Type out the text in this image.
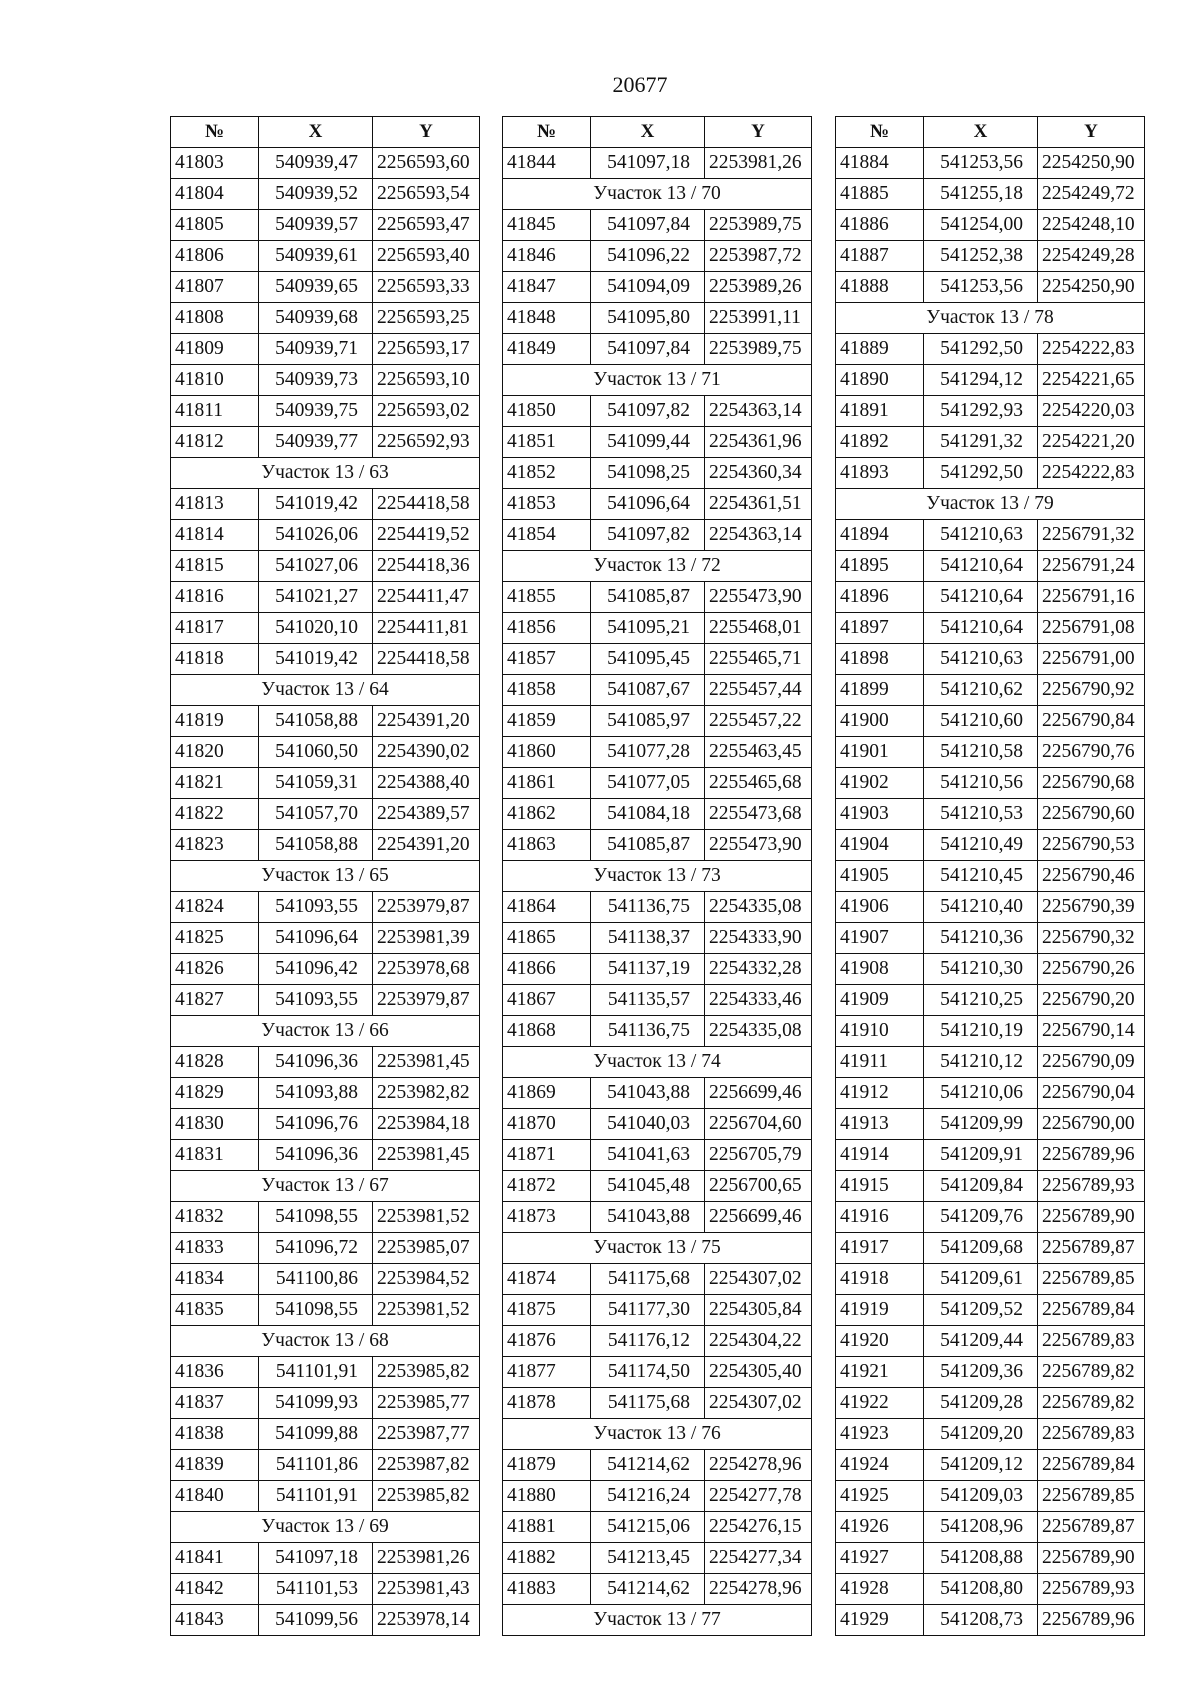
20677
№	X	Y
41803	540939,47	2256593,60
41804	540939,52	2256593,54
41805	540939,57	2256593,47
41806	540939,61	2256593,40
41807	540939,65	2256593,33
41808	540939,68	2256593,25
41809	540939,71	2256593,17
41810	540939,73	2256593,10
41811	540939,75	2256593,02
41812	540939,77	2256592,93
Участок 13 / 63		
41813	541019,42	2254418,58
41814	541026,06	2254419,52
41815	541027,06	2254418,36
41816	541021,27	2254411,47
41817	541020,10	2254411,81
41818	541019,42	2254418,58
Участок 13 / 64		
41819	541058,88	2254391,20
41820	541060,50	2254390,02
41821	541059,31	2254388,40
41822	541057,70	2254389,57
41823	541058,88	2254391,20
Участок 13 / 65		
41824	541093,55	2253979,87
41825	541096,64	2253981,39
41826	541096,42	2253978,68
41827	541093,55	2253979,87
Участок 13 / 66		
41828	541096,36	2253981,45
41829	541093,88	2253982,82
41830	541096,76	2253984,18
41831	541096,36	2253981,45
Участок 13 / 67		
41832	541098,55	2253981,52
41833	541096,72	2253985,07
41834	541100,86	2253984,52
41835	541098,55	2253981,52
Участок 13 / 68		
41836	541101,91	2253985,82
41837	541099,93	2253985,77
41838	541099,88	2253987,77
41839	541101,86	2253987,82
41840	541101,91	2253985,82
Участок 13 / 69		
41841	541097,18	2253981,26
41842	541101,53	2253981,43
41843	541099,56	2253978,14
№	X	Y
41844	541097,18	2253981,26
Участок 13 / 70		
41845	541097,84	2253989,75
41846	541096,22	2253987,72
41847	541094,09	2253989,26
41848	541095,80	2253991,11
41849	541097,84	2253989,75
Участок 13 / 71		
41850	541097,82	2254363,14
41851	541099,44	2254361,96
41852	541098,25	2254360,34
41853	541096,64	2254361,51
41854	541097,82	2254363,14
Участок 13 / 72		
41855	541085,87	2255473,90
41856	541095,21	2255468,01
41857	541095,45	2255465,71
41858	541087,67	2255457,44
41859	541085,97	2255457,22
41860	541077,28	2255463,45
41861	541077,05	2255465,68
41862	541084,18	2255473,68
41863	541085,87	2255473,90
Участок 13 / 73		
41864	541136,75	2254335,08
41865	541138,37	2254333,90
41866	541137,19	2254332,28
41867	541135,57	2254333,46
41868	541136,75	2254335,08
Участок 13 / 74		
41869	541043,88	2256699,46
41870	541040,03	2256704,60
41871	541041,63	2256705,79
41872	541045,48	2256700,65
41873	541043,88	2256699,46
Участок 13 / 75		
41874	541175,68	2254307,02
41875	541177,30	2254305,84
41876	541176,12	2254304,22
41877	541174,50	2254305,40
41878	541175,68	2254307,02
Участок 13 / 76		
41879	541214,62	2254278,96
41880	541216,24	2254277,78
41881	541215,06	2254276,15
41882	541213,45	2254277,34
41883	541214,62	2254278,96
Участок 13 / 77		
№	X	Y
41884	541253,56	2254250,90
41885	541255,18	2254249,72
41886	541254,00	2254248,10
41887	541252,38	2254249,28
41888	541253,56	2254250,90
Участок 13 / 78		
41889	541292,50	2254222,83
41890	541294,12	2254221,65
41891	541292,93	2254220,03
41892	541291,32	2254221,20
41893	541292,50	2254222,83
Участок 13 / 79		
41894	541210,63	2256791,32
41895	541210,64	2256791,24
41896	541210,64	2256791,16
41897	541210,64	2256791,08
41898	541210,63	2256791,00
41899	541210,62	2256790,92
41900	541210,60	2256790,84
41901	541210,58	2256790,76
41902	541210,56	2256790,68
41903	541210,53	2256790,60
41904	541210,49	2256790,53
41905	541210,45	2256790,46
41906	541210,40	2256790,39
41907	541210,36	2256790,32
41908	541210,30	2256790,26
41909	541210,25	2256790,20
41910	541210,19	2256790,14
41911	541210,12	2256790,09
41912	541210,06	2256790,04
41913	541209,99	2256790,00
41914	541209,91	2256789,96
41915	541209,84	2256789,93
41916	541209,76	2256789,90
41917	541209,68	2256789,87
41918	541209,61	2256789,85
41919	541209,52	2256789,84
41920	541209,44	2256789,83
41921	541209,36	2256789,82
41922	541209,28	2256789,82
41923	541209,20	2256789,83
41924	541209,12	2256789,84
41925	541209,03	2256789,85
41926	541208,96	2256789,87
41927	541208,88	2256789,90
41928	541208,80	2256789,93
41929	541208,73	2256789,96
